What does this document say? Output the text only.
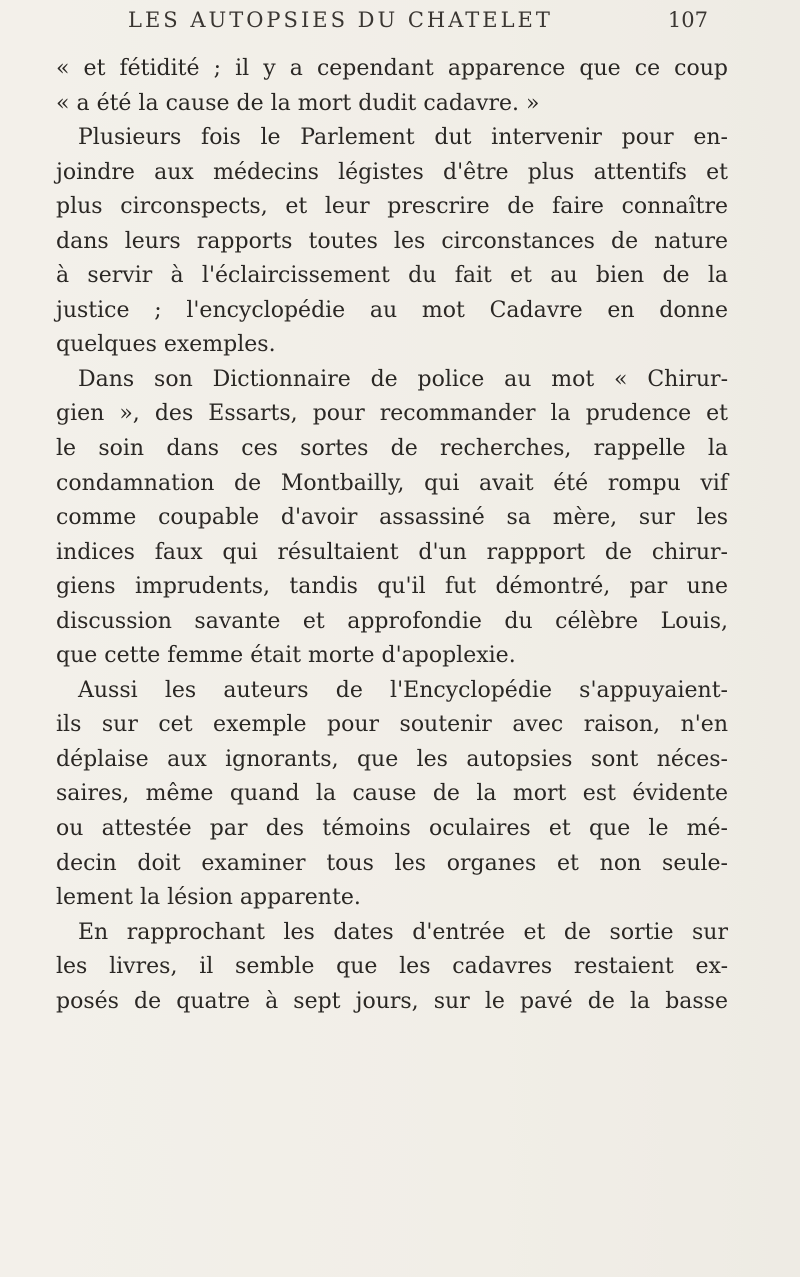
LES AUTOPSIES DU CHATELET	107
« et fétidité ; il y a cependant apparence que ce coup
« a été la cause de la mort dudit cadavre. »
Plusieurs fois le Parlement dut intervenir pour en-
joindre aux médecins légistes d'être plus attentifs et
plus circonspects, et leur prescrire de faire connaître
dans leurs rapports toutes les circonstances de nature
à servir à l'éclaircissement du fait et au bien de la
justice ; l'encyclopédie au mot Cadavre en donne
quelques exemples.
Dans son Dictionnaire de police au mot « Chirur-
gien », des Essarts, pour recommander la prudence et
le soin dans ces sortes de recherches, rappelle la
condamnation de Montbailly, qui avait été rompu vif
comme coupable d'avoir assassiné sa mère, sur les
indices faux qui résultaient d'un rappport de chirur-
giens imprudents, tandis qu'il fut démontré, par une
discussion savante et approfondie du célèbre Louis,
que cette femme était morte d'apoplexie.
Aussi les auteurs de l'Encyclopédie s'appuyaient-
ils sur cet exemple pour soutenir avec raison, n'en
déplaise aux ignorants, que les autopsies sont néces-
saires, même quand la cause de la mort est évidente
ou attestée par des témoins oculaires et que le mé-
decin doit examiner tous les organes et non seule-
lement la lésion apparente.
En rapprochant les dates d'entrée et de sortie sur
les livres, il semble que les cadavres restaient ex-
posés de quatre à sept jours, sur le pavé de la basse
